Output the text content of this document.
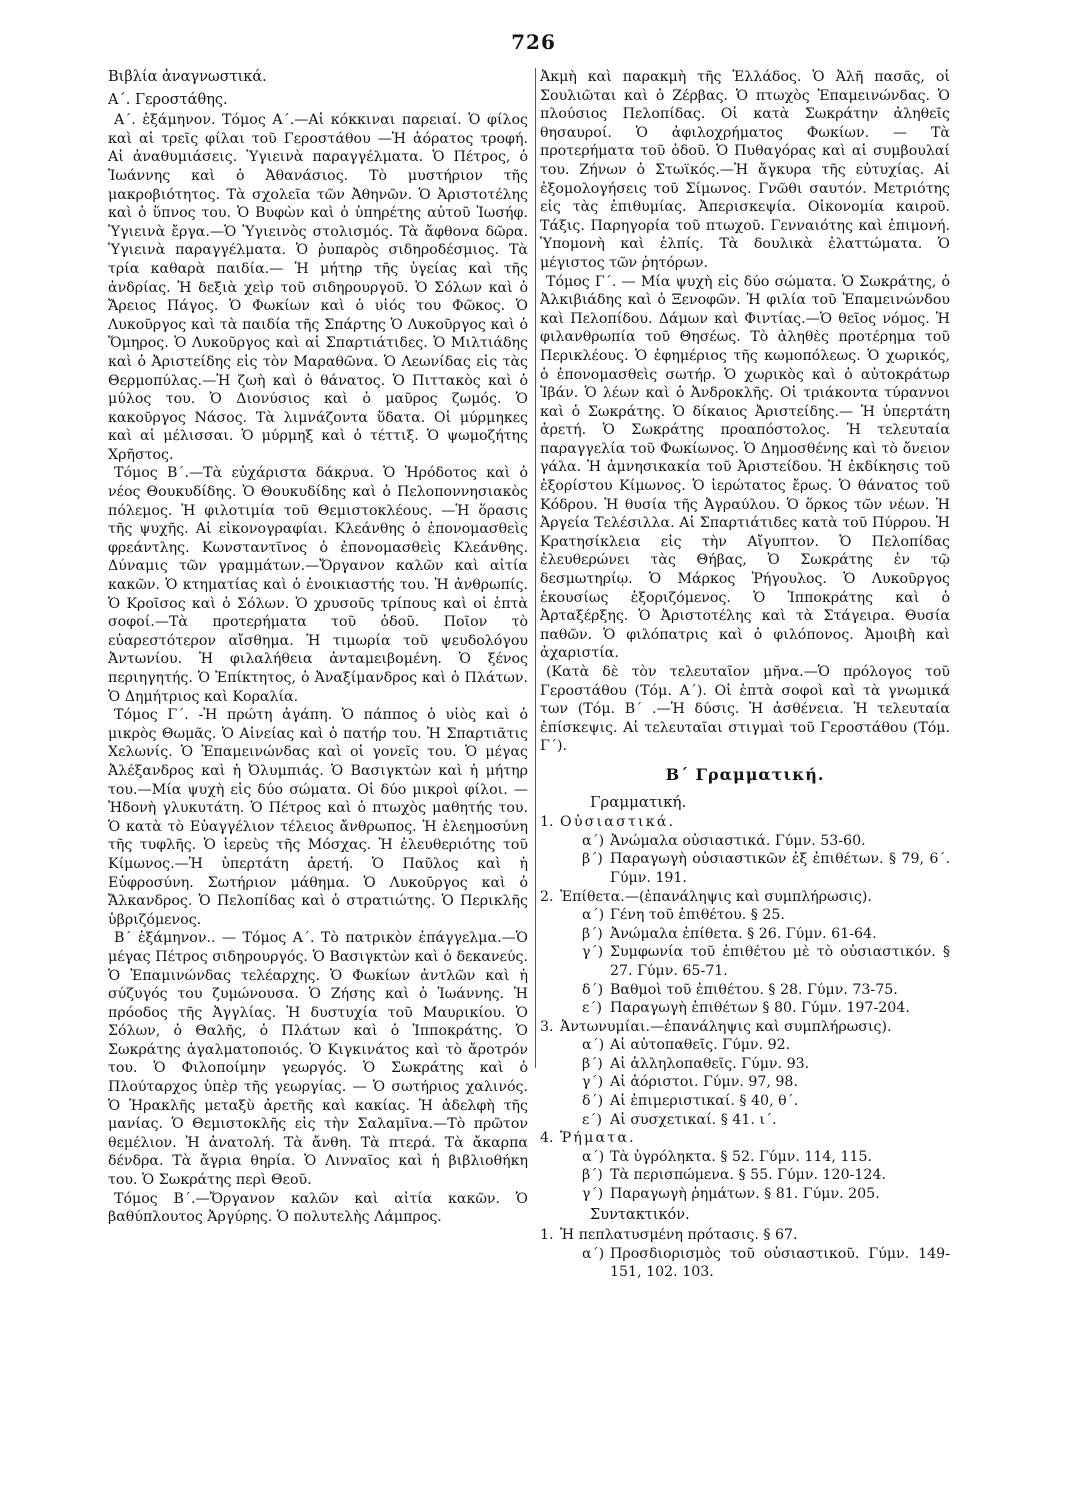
726

Βιβλία ἀναγνωστικά.

Α΄. Γεροστάθης.

Α΄. ἑξάμηνον. Τόμος Α΄.—Αἱ κόκκιναι παρειαί. Ὁ φίλος καὶ αἱ τρεῖς φίλαι τοῦ Γεροστάθου —Ἡ ἀόρατος τροφή. Αἱ ἀναθυμιάσεις. Ὑγιεινὰ παραγγέλματα. Ὁ Πέτρος, ὁ Ἰωάννης καὶ ὁ Ἀθανάσιος. Τὸ μυστήριον τῆς μακροβιότητος. Τὰ σχολεῖα τῶν Ἀθηνῶν. Ὁ Ἀριστοτέλης καὶ ὁ ὕπνος του. Ὁ Βυφὼν καὶ ὁ ὑπηρέτης αὐτοῦ Ἰωσήφ. Ὑγιεινὰ ἔργα.—Ὁ Ὑγιεινὸς στολισμός. Τὰ ἄφθονα δῶρα. Ὑγιεινὰ παραγγέλματα. Ὁ ῥυπαρὸς σιδηροδέσμιος. Τὰ τρία καθαρὰ παιδία.— Ἡ μήτηρ τῆς ὑγείας καὶ τῆς ἀνδρίας. Ἡ δεξιὰ χεὶρ τοῦ σιδηρουργοῦ. Ὁ Σόλων καὶ ὁ Ἄρειος Πάγος. Ὁ Φωκίων καὶ ὁ υἱός του Φῶκος. Ὁ Λυκοῦργος καὶ τὰ παιδία τῆς Σπάρτης Ὁ Λυκοῦργος καὶ ὁ Ὅμηρος. Ὁ Λυκοῦργος καὶ αἱ Σπαρτιάτιδες. Ὁ Μιλτιάδης καὶ ὁ Ἀριστείδης εἰς τὸν Μαραθῶνα. Ὁ Λεωνίδας εἰς τὰς Θερμοπύλας.—Ἡ ζωὴ καὶ ὁ θάνατος. Ὁ Πιττακὸς καὶ ὁ μύλος του. Ὁ Διονύσιος καὶ ὁ μαῦρος ζωμός. Ὁ κακοῦργος Νάσος. Τὰ λιμνάζοντα ὕδατα. Οἱ μύρμηκες καὶ αἱ μέλισσαι. Ὁ μύρμηξ καὶ ὁ τέττιξ. Ὁ ψωμοζήτης Χρῆστος.

Τόμος Β΄.—Τὰ εὐχάριστα δάκρυα. Ὁ Ἡρόδοτος καὶ ὁ νέος Θουκυδίδης. Ὁ Θουκυδίδης καὶ ὁ Πελοποννησιακὸς πόλεμος. Ἡ φιλοτιμία τοῦ Θεμιστοκλέους. —Ἡ ὅρασις τῆς ψυχῆς. Αἱ εἰκονογραφίαι. Κλεάνθης ὁ ἐπονομασθεὶς φρεάντλης. Κωνσταντῖνος ὁ ἐπονομασθεὶς Κλεάνθης. Δύναμις τῶν γραμμάτων.—Ὄργανον καλῶν καὶ αἰτία κακῶν. Ὁ κτηματίας καὶ ὁ ἐνοικιαστής του. Ἡ ἀνθρωπίς. Ὁ Κροῖσος καὶ ὁ Σόλων. Ὁ χρυσοῦς τρίπους καὶ οἱ ἑπτὰ σοφοί.—Τὰ προτερήματα τοῦ ὁδοῦ. Ποῖον τὸ εὐαρεστότερον αἴσθημα. Ἡ τιμωρία τοῦ ψευδολόγου Ἀντωνίου. Ἡ φιλαλήθεια ἀνταμειβομένη. Ὁ ξένος περιηγητής. Ὁ Ἐπίκτητος, ὁ Ἀναξίμανδρος καὶ ὁ Πλάτων. Ὁ Δημήτριος καὶ Κοραλία.

Τόμος Γ΄. -Ἡ πρώτη ἀγάπη. Ὁ πάππος ὁ υἱὸς καὶ ὁ μικρὸς Θωμᾶς. Ὁ Αἰνείας καὶ ὁ πατήρ του. Ἡ Σπαρτιᾶτις Χελωνίς. Ὁ Ἐπαμεινώνδας καὶ οἱ γονεῖς του. Ὁ μέγας Ἀλέξανδρος καὶ ἡ Ὀλυμπιάς. Ὁ Βασιγκτὼν καὶ ἡ μήτηρ του.—Μία ψυχὴ εἰς δύο σώματα. Οἱ δύο μικροὶ φίλοι. — Ἡδονὴ γλυκυτάτη. Ὁ Πέτρος καὶ ὁ πτωχὸς μαθητής του. Ὁ κατὰ τὸ Εὐαγγέλιον τέλειος ἄνθρωπος. Ἡ ἐλεημοσύνη τῆς τυφλῆς. Ὁ ἱερεὺς τῆς Μόσχας. Ἡ ἐλευθεριότης τοῦ Κίμωνος.—Ἡ ὑπερτάτη ἀρετή. Ὁ Παῦλος καὶ ἡ Εὐφροσύνη. Σωτήριον μάθημα. Ὁ Λυκοῦργος καὶ ὁ Ἄλκανδρος. Ὁ Πελοπίδας καὶ ὁ στρατιώτης. Ὁ Περικλῆς ὑβριζόμενος.

Β΄ ἑξάμηνον.. — Τόμος Α΄. Τὸ πατρικὸν ἐπάγγελμα.—Ὁ μέγας Πέτρος σιδηρουργός. Ὁ Βασιγκτὼν καὶ ὁ δεκανεύς. Ὁ Ἐπαμινώνδας τελέαρχης. Ὁ Φωκίων ἀντλῶν καὶ ἡ σύζυγός του ζυμώνουσα. Ὁ Ζήσης καὶ ὁ Ἰωάννης. Ἡ πρόοδος τῆς Ἀγγλίας. Ἡ δυστυχία τοῦ Μαυρικίου. Ὁ Σόλων, ὁ Θαλῆς, ὁ Πλάτων καὶ ὁ Ἱπποκράτης. Ὁ Σωκράτης ἀγαλματοποιός. Ὁ Κιγκινάτος καὶ τὸ ἄροτρόν του. Ὁ Φιλοποίμην γεωργός. Ὁ Σωκράτης καὶ ὁ Πλούταρχος ὑπὲρ τῆς γεωργίας. — Ὁ σωτήριος χαλινός. Ὁ Ἡρακλῆς μεταξὺ ἀρετῆς καὶ κακίας. Ἡ ἀδελφὴ τῆς μανίας. Ὁ Θεμιστοκλῆς εἰς τὴν Σαλαμῖνα.—Τὸ πρῶτον θεμέλιον. Ἡ ἀνατολή. Τὰ ἄνθη. Τὰ πτερά. Τὰ ἄκαρπα δένδρα. Τὰ ἄγρια θηρία. Ὁ Λινναῖος καὶ ἡ βιβλιοθήκη του. Ὁ Σωκράτης περὶ Θεοῦ.

Τόμος Β΄.—Ὄργανον καλῶν καὶ αἰτία κακῶν. Ὁ βαθύπλουτος Ἀργύρης. Ὁ πολυτελὴς Λάμπρος.

Ἀκμὴ καὶ παρακμὴ τῆς Ἑλλάδος. Ὁ Ἀλῆ πασᾶς, οἱ Σουλιῶται καὶ ὁ Ζέρβας. Ὁ πτωχὸς Ἐπαμεινώνδας. Ὁ πλούσιος Πελοπίδας. Οἱ κατὰ Σωκράτην ἀληθεῖς θησαυροί. Ὁ ἀφιλοχρήματος Φωκίων. — Τὰ προτερήματα τοῦ ὁδοῦ. Ὁ Πυθαγόρας καὶ αἱ συμβουλαί του. Ζήνων ὁ Στωϊκός.—Ἡ ἄγκυρα τῆς εὐτυχίας. Αἱ ἐξομολογήσεις τοῦ Σίμωνος. Γνῶθι σαυτόν. Μετριότης εἰς τὰς ἐπιθυμίας. Ἀπερισκεψία. Οἰκονομία καιροῦ. Τάξις. Παρηγορία τοῦ πτωχοῦ. Γενναιότης καὶ ἐπιμονή. Ὑπομονὴ καὶ ἐλπίς. Τὰ δουλικὰ ἐλαττώματα. Ὁ μέγιστος τῶν ῥητόρων.

Τόμος Γ΄. — Μία ψυχὴ εἰς δύο σώματα. Ὁ Σωκράτης, ὁ Ἀλκιβιάδης καὶ ὁ Ξενοφῶν. Ἡ φιλία τοῦ Ἐπαμεινώνδου καὶ Πελοπίδου. Δάμων καὶ Φιντίας.—Ὁ θεῖος νόμος. Ἡ φιλανθρωπία τοῦ Θησέως. Τὸ ἀληθὲς προτέρημα τοῦ Περικλέους. Ὁ ἐφημέριος τῆς κωμοπόλεως. Ὁ χωρικός, ὁ ἐπονομασθεὶς σωτήρ. Ὁ χωρικὸς καὶ ὁ αὐτοκράτωρ Ἰβάν. Ὁ λέων καὶ ὁ Ἀνδροκλῆς. Οἱ τριάκοντα τύραννοι καὶ ὁ Σωκράτης. Ὁ δίκαιος Ἀριστείδης.— Ἡ ὑπερτάτη ἀρετή. Ὁ Σωκράτης προαπόστολος. Ἡ τελευταία παραγγελία τοῦ Φωκίωνος. Ὁ Δημοσθένης καὶ τὸ ὄνειον γάλα. Ἡ ἀμνησικακία τοῦ Ἀριστείδου. Ἡ ἐκδίκησις τοῦ ἐξορίστου Κίμωνος. Ὁ ἱερώτατος ἔρως. Ὁ θάνατος τοῦ Κόδρου. Ἡ θυσία τῆς Ἀγραύλου. Ὁ ὅρκος τῶν νέων. Ἡ Ἀργεία Τελέσιλλα. Αἱ Σπαρτιάτιδες κατὰ τοῦ Πύρρου. Ἡ Κρατησίκλεια εἰς τὴν Αἴγυπτον. Ὁ Πελοπίδας ἐλευθερώνει τὰς Θήβας, Ὁ Σωκράτης ἐν τῷ δεσμωτηρίῳ. Ὁ Μάρκος Ῥήγουλος. Ὁ Λυκοῦργος ἑκουσίως ἐξοριζόμενος. Ὁ Ἱπποκράτης καὶ ὁ Ἀρταξέρξης. Ὁ Ἀριστοτέλης καὶ τὰ Στάγειρα. Θυσία παθῶν. Ὁ φιλόπατρις καὶ ὁ φιλόπονος. Ἀμοιβὴ καὶ ἀχαριστία.

(Κατὰ δὲ τὸν τελευταῖον μῆνα.—Ὁ πρόλογος τοῦ Γεροστάθου (Τόμ. Α΄). Οἱ ἑπτὰ σοφοὶ καὶ τὰ γνωμικά των (Τόμ. Β΄ .—Ἡ δύσις. Ἡ ἀσθένεια. Ἡ τελευταία ἐπίσκεψις. Αἱ τελευταῖαι στιγμαὶ τοῦ Γεροστάθου (Τόμ. Γ΄).

Β΄ Γραμματική.
Γραμματική.
1. Οὐσιαστικά.
α΄) Ἀνώμαλα οὐσιαστικά. Γύμν. 53-60.
β΄) Παραγωγὴ οὐσιαστικῶν ἐξ ἐπιθέτων. § 79, 6΄. Γύμν. 191.
2. Ἐπίθετα.—(ἐπανάληψις καὶ συμπλήρωσις).
α΄) Γένη τοῦ ἐπιθέτου. § 25.
β΄) Ἀνώμαλα ἐπίθετα. § 26. Γύμν. 61-64.
γ΄) Συμφωνία τοῦ ἐπιθέτου μὲ τὸ οὐσιαστικόν. § 27. Γύμν. 65-71.
δ΄) Βαθμοὶ τοῦ ἐπιθέτου. § 28. Γύμν. 73-75.
ε΄) Παραγωγὴ ἐπιθέτων § 80. Γύμν. 197-204.
3. Ἀντωνυμίαι.—ἐπανάληψις καὶ συμπλήρωσις).
α΄) Αἱ αὐτοπαθεῖς. Γύμν. 92.
β΄) Αἱ ἀλληλοπαθεῖς. Γύμν. 93.
γ΄) Αἱ ἀόριστοι. Γύμν. 97, 98.
δ΄) Αἱ ἐπιμεριστικαί. § 40, θ΄.
ε΄) Αἱ συσχετικαί. § 41. ι΄.
4. Ῥήματα.
α΄) Τὰ ὑγρόληκτα. § 52. Γύμν. 114, 115.
β΄) Τὰ περισπώμενα. § 55. Γύμν. 120-124.
γ΄) Παραγωγὴ ῥημάτων. § 81. Γύμν. 205.
Συντακτικόν.
1. Ἡ πεπλατυσμένη πρότασις. § 67.
α΄) Προσδιορισμὸς τοῦ οὐσιαστικοῦ. Γύμν. 149-151, 102. 103.
